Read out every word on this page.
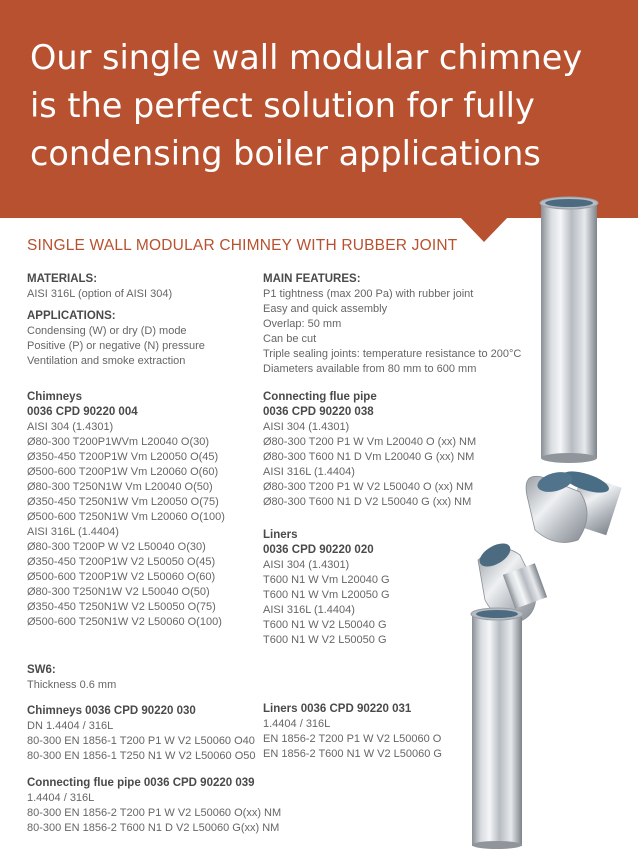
Our single wall modular chimney
is the perfect solution for fully
condensing boiler applications
SINGLE WALL MODULAR CHIMNEY WITH RUBBER JOINT
MATERIALS:
AISI 316L (option of AISI 304)
APPLICATIONS:
Condensing (W) or dry (D) mode
Positive (P) or negative (N) pressure
Ventilation and smoke extraction
MAIN FEATURES:
P1 tightness (max 200 Pa) with rubber joint
Easy and quick assembly
Overlap: 50 mm
Can be cut
Triple sealing joints: temperature resistance to 200°C
Diameters available from 80 mm to 600 mm
Chimneys
0036 CPD 90220 004
AISI 304 (1.4301)
Ø80-300 T200P1WVm L20040 O(30)
Ø350-450 T200P1W Vm L20050 O(45)
Ø500-600 T200P1W Vm L20060 O(60)
Ø80-300 T250N1W Vm L20040 O(50)
Ø350-450 T250N1W Vm L20050 O(75)
Ø500-600 T250N1W Vm L20060 O(100)
AISI 316L (1.4404)
Ø80-300 T200P W V2 L50040 O(30)
Ø350-450 T200P1W V2 L50050 O(45)
Ø500-600 T200P1W V2 L50060 O(60)
Ø80-300 T250N1W V2 L50040 O(50)
Ø350-450 T250N1W V2 L50050 O(75)
Ø500-600 T250N1W V2 L50060 O(100)
Connecting flue pipe
0036 CPD 90220 038
AISI 304 (1.4301)
Ø80-300 T200 P1 W Vm L20040 O (xx) NM
Ø80-300 T600 N1 D Vm L20040 G (xx) NM
AISI 316L (1.4404)
Ø80-300 T200 P1 W V2 L50040 O (xx) NM
Ø80-300 T600 N1 D V2 L50040 G (xx) NM
Liners
0036 CPD 90220 020
AISI 304 (1.4301)
T600 N1 W Vm L20040 G
T600 N1 W Vm L20050 G
AISI 316L (1.4404)
T600 N1 W V2 L50040 G
T600 N1 W V2 L50050 G
SW6:
Thickness 0.6 mm
Chimneys 0036 CPD 90220 030
DN 1.4404 / 316L
80-300 EN 1856-1 T200 P1 W V2 L50060 O40
80-300 EN 1856-1 T250 N1 W V2 L50060 O50
Liners 0036 CPD 90220 031
1.4404 / 316L
EN 1856-2 T200 P1 W V2 L50060 O
EN 1856-2 T600 N1 W V2 L50060 G
Connecting flue pipe 0036 CPD 90220 039
1.4404 / 316L
80-300 EN 1856-2 T200 P1 W V2 L50060 O(xx) NM
80-300 EN 1856-2 T600 N1 D V2 L50060 G(xx) NM
